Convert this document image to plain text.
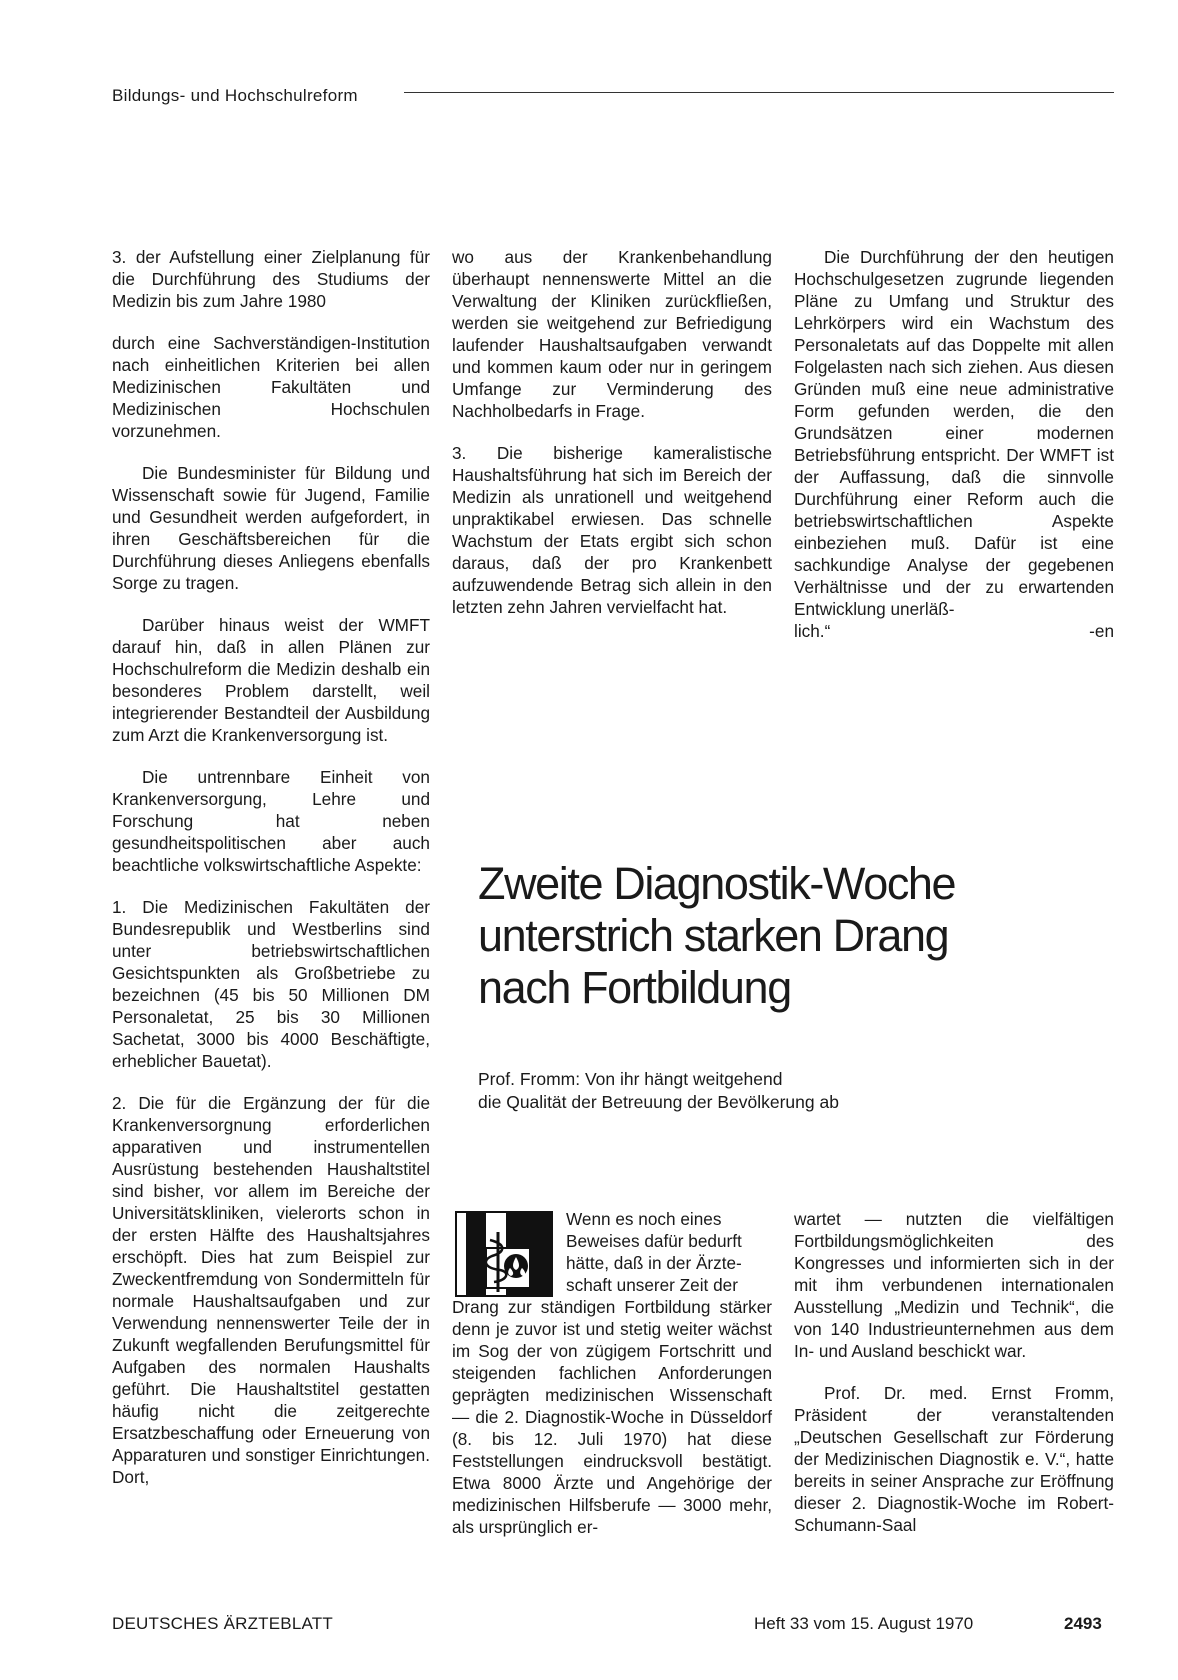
Bildungs- und Hochschulreform

3. der Aufstellung einer Zielplanung für die Durchführung des Studiums der Medizin bis zum Jahre 1980

durch eine Sachverständigen-Institution nach einheitlichen Kriterien bei allen Medizinischen Fakultäten und Medizinischen Hochschulen vorzunehmen.

Die Bundesminister für Bildung und Wissenschaft sowie für Jugend, Familie und Gesundheit werden aufgefordert, in ihren Geschäftsbereichen für die Durchführung dieses Anliegens ebenfalls Sorge zu tragen.

Darüber hinaus weist der WMFT darauf hin, daß in allen Plänen zur Hochschulreform die Medizin deshalb ein besonderes Problem darstellt, weil integrierender Bestandteil der Ausbildung zum Arzt die Krankenversorgung ist.

Die untrennbare Einheit von Krankenversorgung, Lehre und Forschung hat neben gesundheitspolitischen aber auch beachtliche volkswirtschaftliche Aspekte:

1. Die Medizinischen Fakultäten der Bundesrepublik und Westberlins sind unter betriebswirtschaftlichen Gesichtspunkten als Großbetriebe zu bezeichnen (45 bis 50 Millionen DM Personaletat, 25 bis 30 Millionen Sachetat, 3000 bis 4000 Beschäftigte, erheblicher Bauetat).

2. Die für die Ergänzung der für die Krankenversorgnung erforderlichen apparativen und instrumentellen Ausrüstung bestehenden Haushaltstitel sind bisher, vor allem im Bereiche der Universitätskliniken, vielerorts schon in der ersten Hälfte des Haushaltsjahres erschöpft. Dies hat zum Beispiel zur Zweckentfremdung von Sondermitteln für normale Haushaltsaufgaben und zur Verwendung nennenswerter Teile der in Zukunft wegfallenden Berufungsmittel für Aufgaben des normalen Haushalts geführt. Die Haushaltstitel gestatten häufig nicht die zeitgerechte Ersatzbeschaffung oder Erneuerung von Apparaturen und sonstiger Einrichtungen. Dort,

wo aus der Krankenbehandlung überhaupt nennenswerte Mittel an die Verwaltung der Kliniken zurückfließen, werden sie weitgehend zur Befriedigung laufender Haushaltsaufgaben verwandt und kommen kaum oder nur in geringem Umfange zur Verminderung des Nachholbedarfs in Frage.

3. Die bisherige kameralistische Haushaltsführung hat sich im Bereich der Medizin als unrationell und weitgehend unpraktikabel erwiesen. Das schnelle Wachstum der Etats ergibt sich schon daraus, daß der pro Krankenbett aufzuwendende Betrag sich allein in den letzten zehn Jahren vervielfacht hat.

Die Durchführung der den heutigen Hochschulgesetzen zugrunde liegenden Pläne zu Umfang und Struktur des Lehrkörpers wird ein Wachstum des Personaletats auf das Doppelte mit allen Folgelasten nach sich ziehen. Aus diesen Gründen muß eine neue administrative Form gefunden werden, die den Grundsätzen einer modernen Betriebsführung entspricht. Der WMFT ist der Auffassung, daß die sinnvolle Durchführung einer Reform auch die betriebswirtschaftlichen Aspekte einbeziehen muß. Dafür ist eine sachkundige Analyse der gegebenen Verhältnisse und der zu erwartenden Entwicklung unerläß-

lich.“	-en
Zweite Diagnostik-Woche
unterstrich starken Drang
nach Fortbildung

Prof. Fromm: Von ihr hängt weitgehend
die Qualität der Betreuung der Bevölkerung ab

Wenn es noch eines

Beweises dafür bedurft

hätte, daß in der Ärzte-

schaft unserer Zeit der

Drang zur ständigen Fortbildung stärker denn je zuvor ist und stetig weiter wächst im Sog der von zügigem Fortschritt und steigenden fachlichen Anforderungen geprägten medizinischen Wissenschaft — die 2. Diagnostik-Woche in Düsseldorf (8. bis 12. Juli 1970) hat diese Feststellungen eindrucksvoll bestätigt. Etwa 8000 Ärzte und Angehörige der medizinischen Hilfsberufe — 3000 mehr, als ursprünglich er-

wartet — nutzten die vielfältigen Fortbildungsmöglichkeiten des Kongresses und informierten sich in der mit ihm verbundenen internationalen Ausstellung „Medizin und Technik“, die von 140 Industrieunternehmen aus dem In- und Ausland beschickt war.

Prof. Dr. med. Ernst Fromm, Präsident der veranstaltenden „Deutschen Gesellschaft zur Förderung der Medizinischen Diagnostik e. V.“, hatte bereits in seiner Ansprache zur Eröffnung dieser 2. Diagnostik-Woche im Robert-Schumann-Saal

DEUTSCHES ÄRZTEBLATT	Heft 33 vom 15. August 1970	2493
